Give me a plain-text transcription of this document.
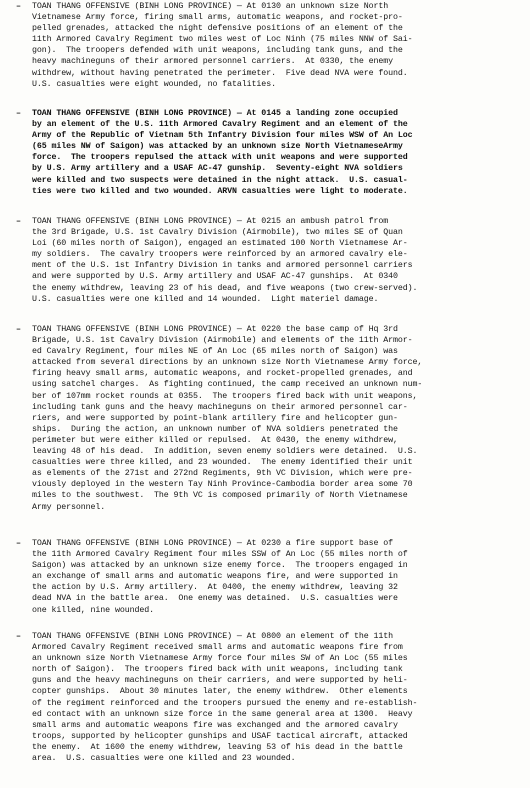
–	TOAN THANG OFFENSIVE (BINH LONG PROVINCE) — At 0130 an unknown size North
Vietnamese Army force, firing small arms, automatic weapons, and rocket-pro-
pelled grenades, attacked the night defensive positions of an element of the
11th Armored Cavalry Regiment two miles west of Loc Ninh (75 miles NNW of Sai-
gon).  The troopers defended with unit weapons, including tank guns, and the
heavy machineguns of their armored personnel carriers.  At 0330, the enemy
withdrew, without having penetrated the perimeter.  Five dead NVA were found.
U.S. casualties were eight wounded, no fatalities.
–	TOAN THANG OFFENSIVE (BINH LONG PROVINCE) — At 0145 a landing zone occupied
by an element of the U.S. 11th Armored Cavalry Regiment and an element of the
Army of the Republic of Vietnam 5th Infantry Division four miles WSW of An Loc
(65 miles NW of Saigon) was attacked by an unknown size North VietnameseArmy
force.  The troopers repulsed the attack with unit weapons and were supported
by U.S. Army artillery and a USAF AC-47 gunship.  Seventy-eight NVA soldiers
were killed and two suspects were detained in the night attack.  U.S. casual-
ties were two killed and two wounded. ARVN casualties were light to moderate.
–	TOAN THANG OFFENSIVE (BINH LONG PROVINCE) — At 0215 an ambush patrol from
the 3rd Brigade, U.S. 1st Cavalry Division (Airmobile), two miles SE of Quan
Loi (60 miles north of Saigon), engaged an estimated 100 North Vietnamese Ar-
my soldiers.  The cavalry troopers were reinforced by an armored cavalry ele-
ment of the U.S. 1st Infantry Division in tanks and armored personnel carriers
and were supported by U.S. Army artillery and USAF AC-47 gunships.  At 0340
the enemy withdrew, leaving 23 of his dead, and five weapons (two crew-served).
U.S. casualties were one killed and 14 wounded.  Light materiel damage.
–	TOAN THANG OFFENSIVE (BINH LONG PROVINCE) — At 0220 the base camp of Hq 3rd
Brigade, U.S. 1st Cavalry Division (Airmobile) and elements of the 11th Armor-
ed Cavalry Regiment, four miles NE of An Loc (65 miles north of Saigon) was
attacked from several directions by an unknown size North Vietnamese Army force,
firing heavy small arms, automatic weapons, and rocket-propelled grenades, and
using satchel charges.  As fighting continued, the camp received an unknown num-
ber of 107mm rocket rounds at 0355.  The troopers fired back with unit weapons,
including tank guns and the heavy machineguns on their armored personnel car-
riers, and were supported by point-blank artillery fire and helicopter gun-
ships.  During the action, an unknown number of NVA soldiers penetrated the
perimeter but were either killed or repulsed.  At 0430, the enemy withdrew,
leaving 48 of his dead.  In addition, seven enemy soldiers were detained.  U.S.
casualties were three killed, and 23 wounded.  The enemy identified their unit
as elements of the 271st and 272nd Regiments, 9th VC Division, which were pre-
viously deployed in the western Tay Ninh Province-Cambodia border area some 70
miles to the southwest.  The 9th VC is composed primarily of North Vietnamese
Army personnel.
–	TOAN THANG OFFENSIVE (BINH LONG PROVINCE) — At 0230 a fire support base of
the 11th Armored Cavalry Regiment four miles SSW of An Loc (55 miles north of
Saigon) was attacked by an unknown size enemy force.  The troopers engaged in
an exchange of small arms and automatic weapons fire, and were supported in
the action by U.S. Army artillery.  At 0400, the enemy withdrew, leaving 32
dead NVA in the battle area.  One enemy was detained.  U.S. casualties were
one killed, nine wounded.
–	TOAN THANG OFFENSIVE (BINH LONG PROVINCE) — At 0800 an element of the 11th
Armored Cavalry Regiment received small arms and automatic weapons fire from
an unknown size North Vietnamese Army force four miles SW of An Loc (55 miles
north of Saigon).  The troopers fired back with unit weapons, including tank
guns and the heavy machineguns on their carriers, and were supported by heli-
copter gunships.  About 30 minutes later, the enemy withdrew.  Other elements
of the regiment reinforced and the troopers pursued the enemy and re-establish-
ed contact with an unknown size force in the same general area at 1300.  Heavy
small arms and automatic weapons fire was exchanged and the armored cavalry
troops, supported by helicopter gunships and USAF tactical aircraft, attacked
the enemy.  At 1600 the enemy withdrew, leaving 53 of his dead in the battle
area.  U.S. casualties were one killed and 23 wounded.
